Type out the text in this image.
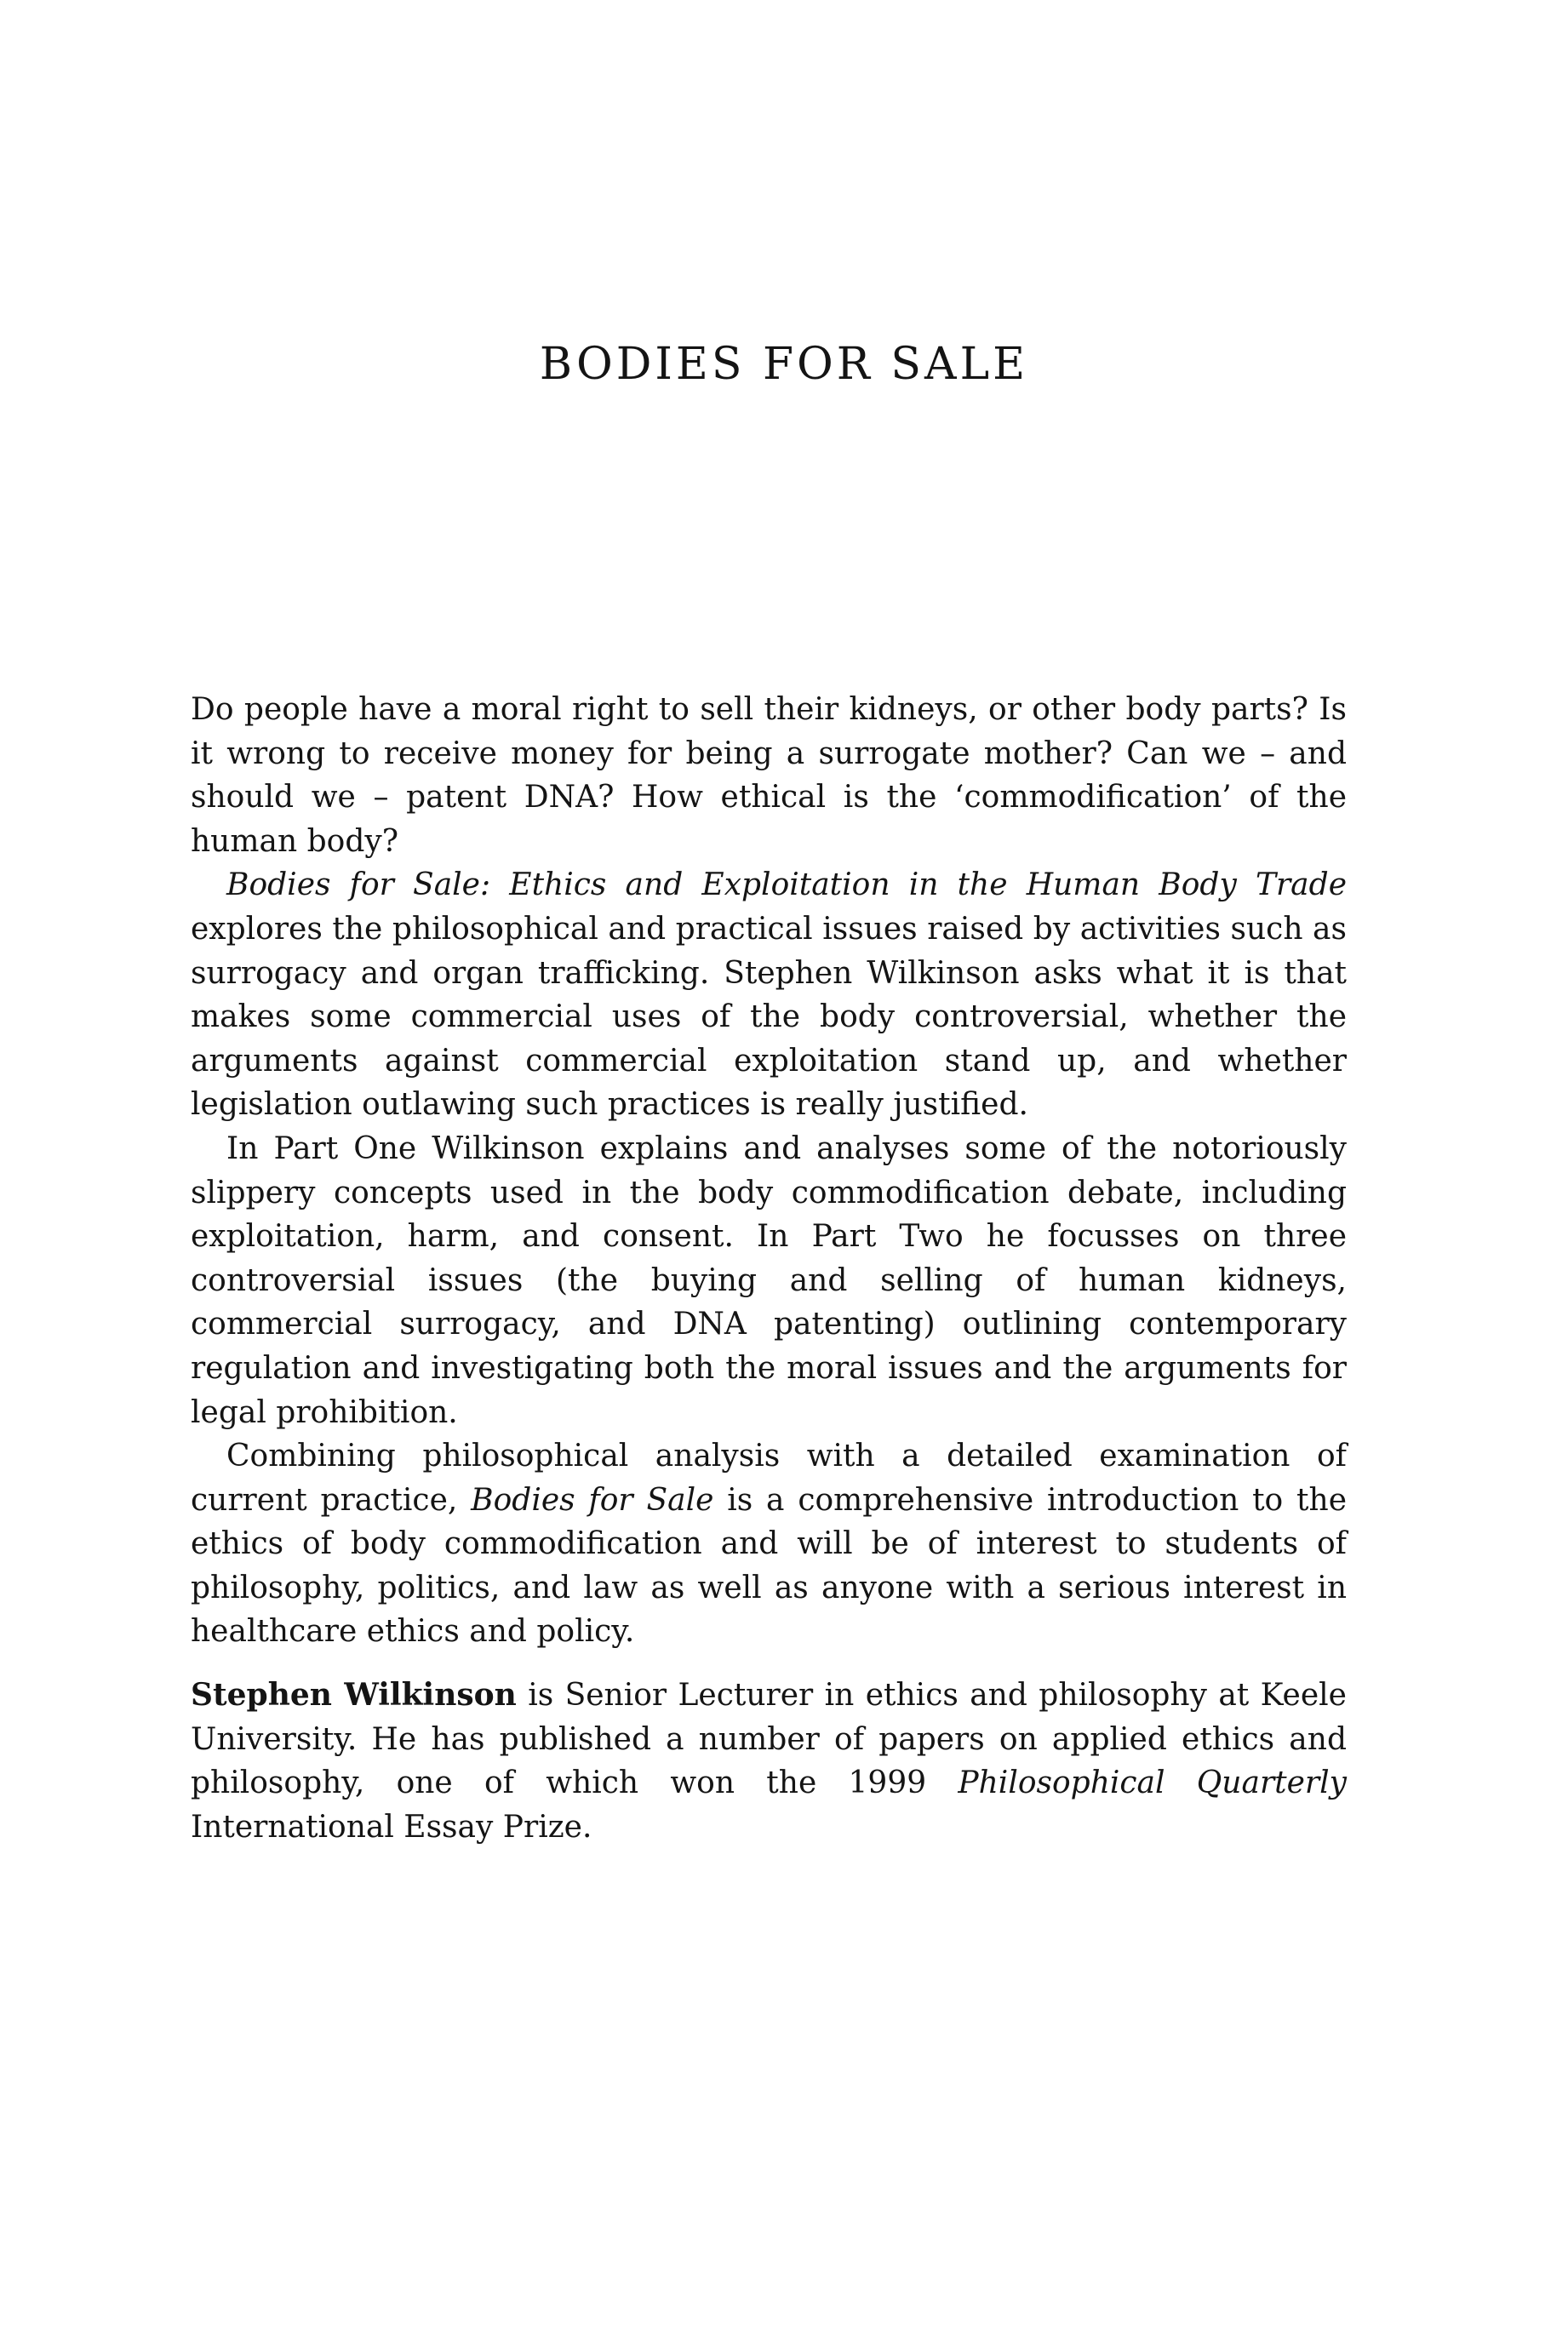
BODIES FOR SALE

Do people have a moral right to sell their kidneys, or other body parts? Is it wrong to receive money for being a surrogate mother? Can we – and should we – patent DNA? How ethical is the ‘commodification’ of the human body?

Bodies for Sale: Ethics and Exploitation in the Human Body Trade explores the philosophical and practical issues raised by activities such as surrogacy and organ trafficking. Stephen Wilkinson asks what it is that makes some commercial uses of the body controversial, whether the arguments against commercial exploitation stand up, and whether legislation outlawing such practices is really justified.

In Part One Wilkinson explains and analyses some of the notoriously slippery concepts used in the body commodification debate, including exploitation, harm, and consent. In Part Two he focusses on three controversial issues (the buying and selling of human kidneys, commercial surrogacy, and DNA patenting) outlining contemporary regulation and investigating both the moral issues and the arguments for legal prohibition.

Combining philosophical analysis with a detailed examination of current practice, Bodies for Sale is a comprehensive introduction to the ethics of body commodification and will be of interest to students of philosophy, politics, and law as well as anyone with a serious interest in healthcare ethics and policy.

Stephen Wilkinson is Senior Lecturer in ethics and philosophy at Keele University. He has published a number of papers on applied ethics and philosophy, one of which won the 1999 Philosophical Quarterly International Essay Prize.
